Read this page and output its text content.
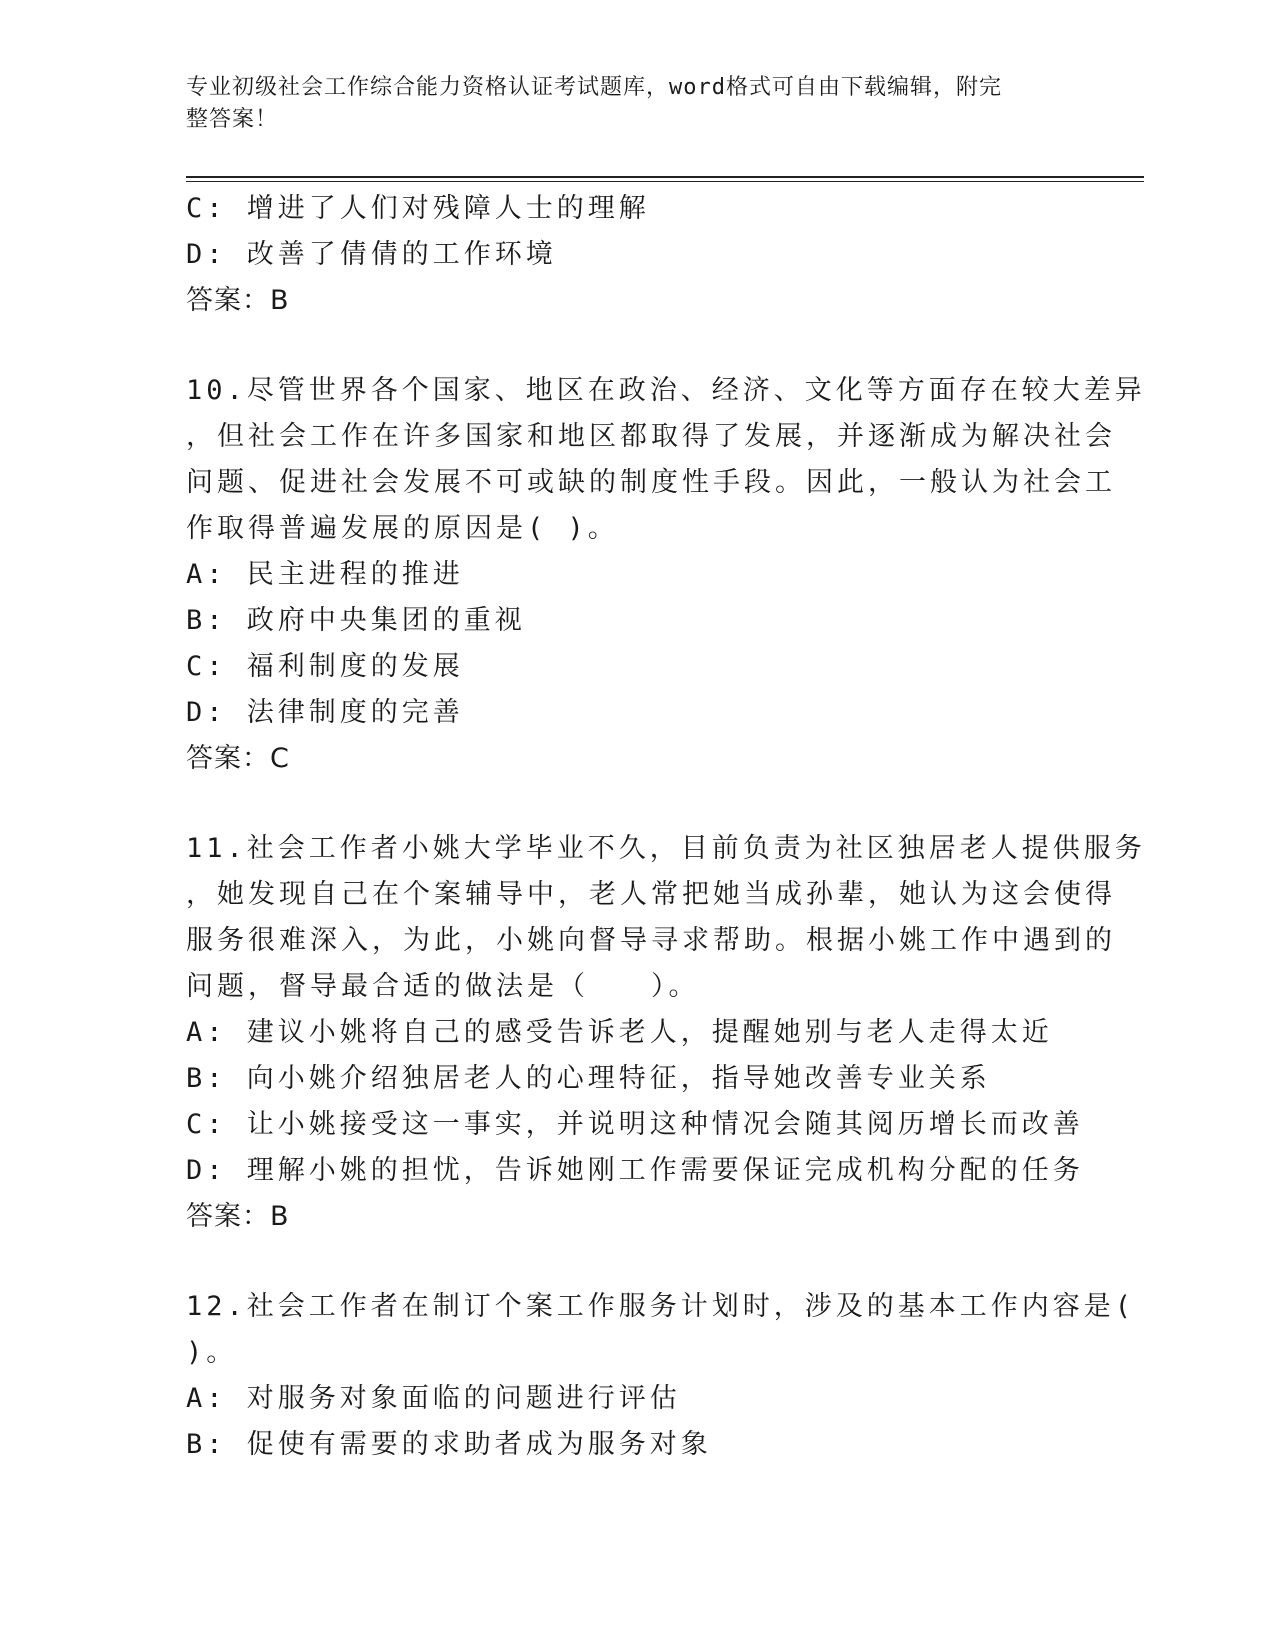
专业初级社会工作综合能力资格认证考试题库，word格式可自由下载编辑，附完
整答案！
C: 增进了人们对残障人士的理解
D: 改善了倩倩的工作环境
答案：B
10.尽管世界各个国家、地区在政治、经济、文化等方面存在较大差异
，但社会工作在许多国家和地区都取得了发展，并逐渐成为解决社会
问题、促进社会发展不可或缺的制度性手段。因此，一般认为社会工
作取得普遍发展的原因是( )。
A: 民主进程的推进
B: 政府中央集团的重视
C: 福利制度的发展
D: 法律制度的完善
答案：C
11.社会工作者小姚大学毕业不久，目前负责为社区独居老人提供服务
，她发现自己在个案辅导中，老人常把她当成孙辈，她认为这会使得
服务很难深入，为此，小姚向督导寻求帮助。根据小姚工作中遇到的
问题，督导最合适的做法是（　　）。
A: 建议小姚将自己的感受告诉老人，提醒她别与老人走得太近
B: 向小姚介绍独居老人的心理特征，指导她改善专业关系
C: 让小姚接受这一事实，并说明这种情况会随其阅历增长而改善
D: 理解小姚的担忧，告诉她刚工作需要保证完成机构分配的任务
答案：B
12.社会工作者在制订个案工作服务计划时，涉及的基本工作内容是(
)。
A: 对服务对象面临的问题进行评估
B: 促使有需要的求助者成为服务对象
